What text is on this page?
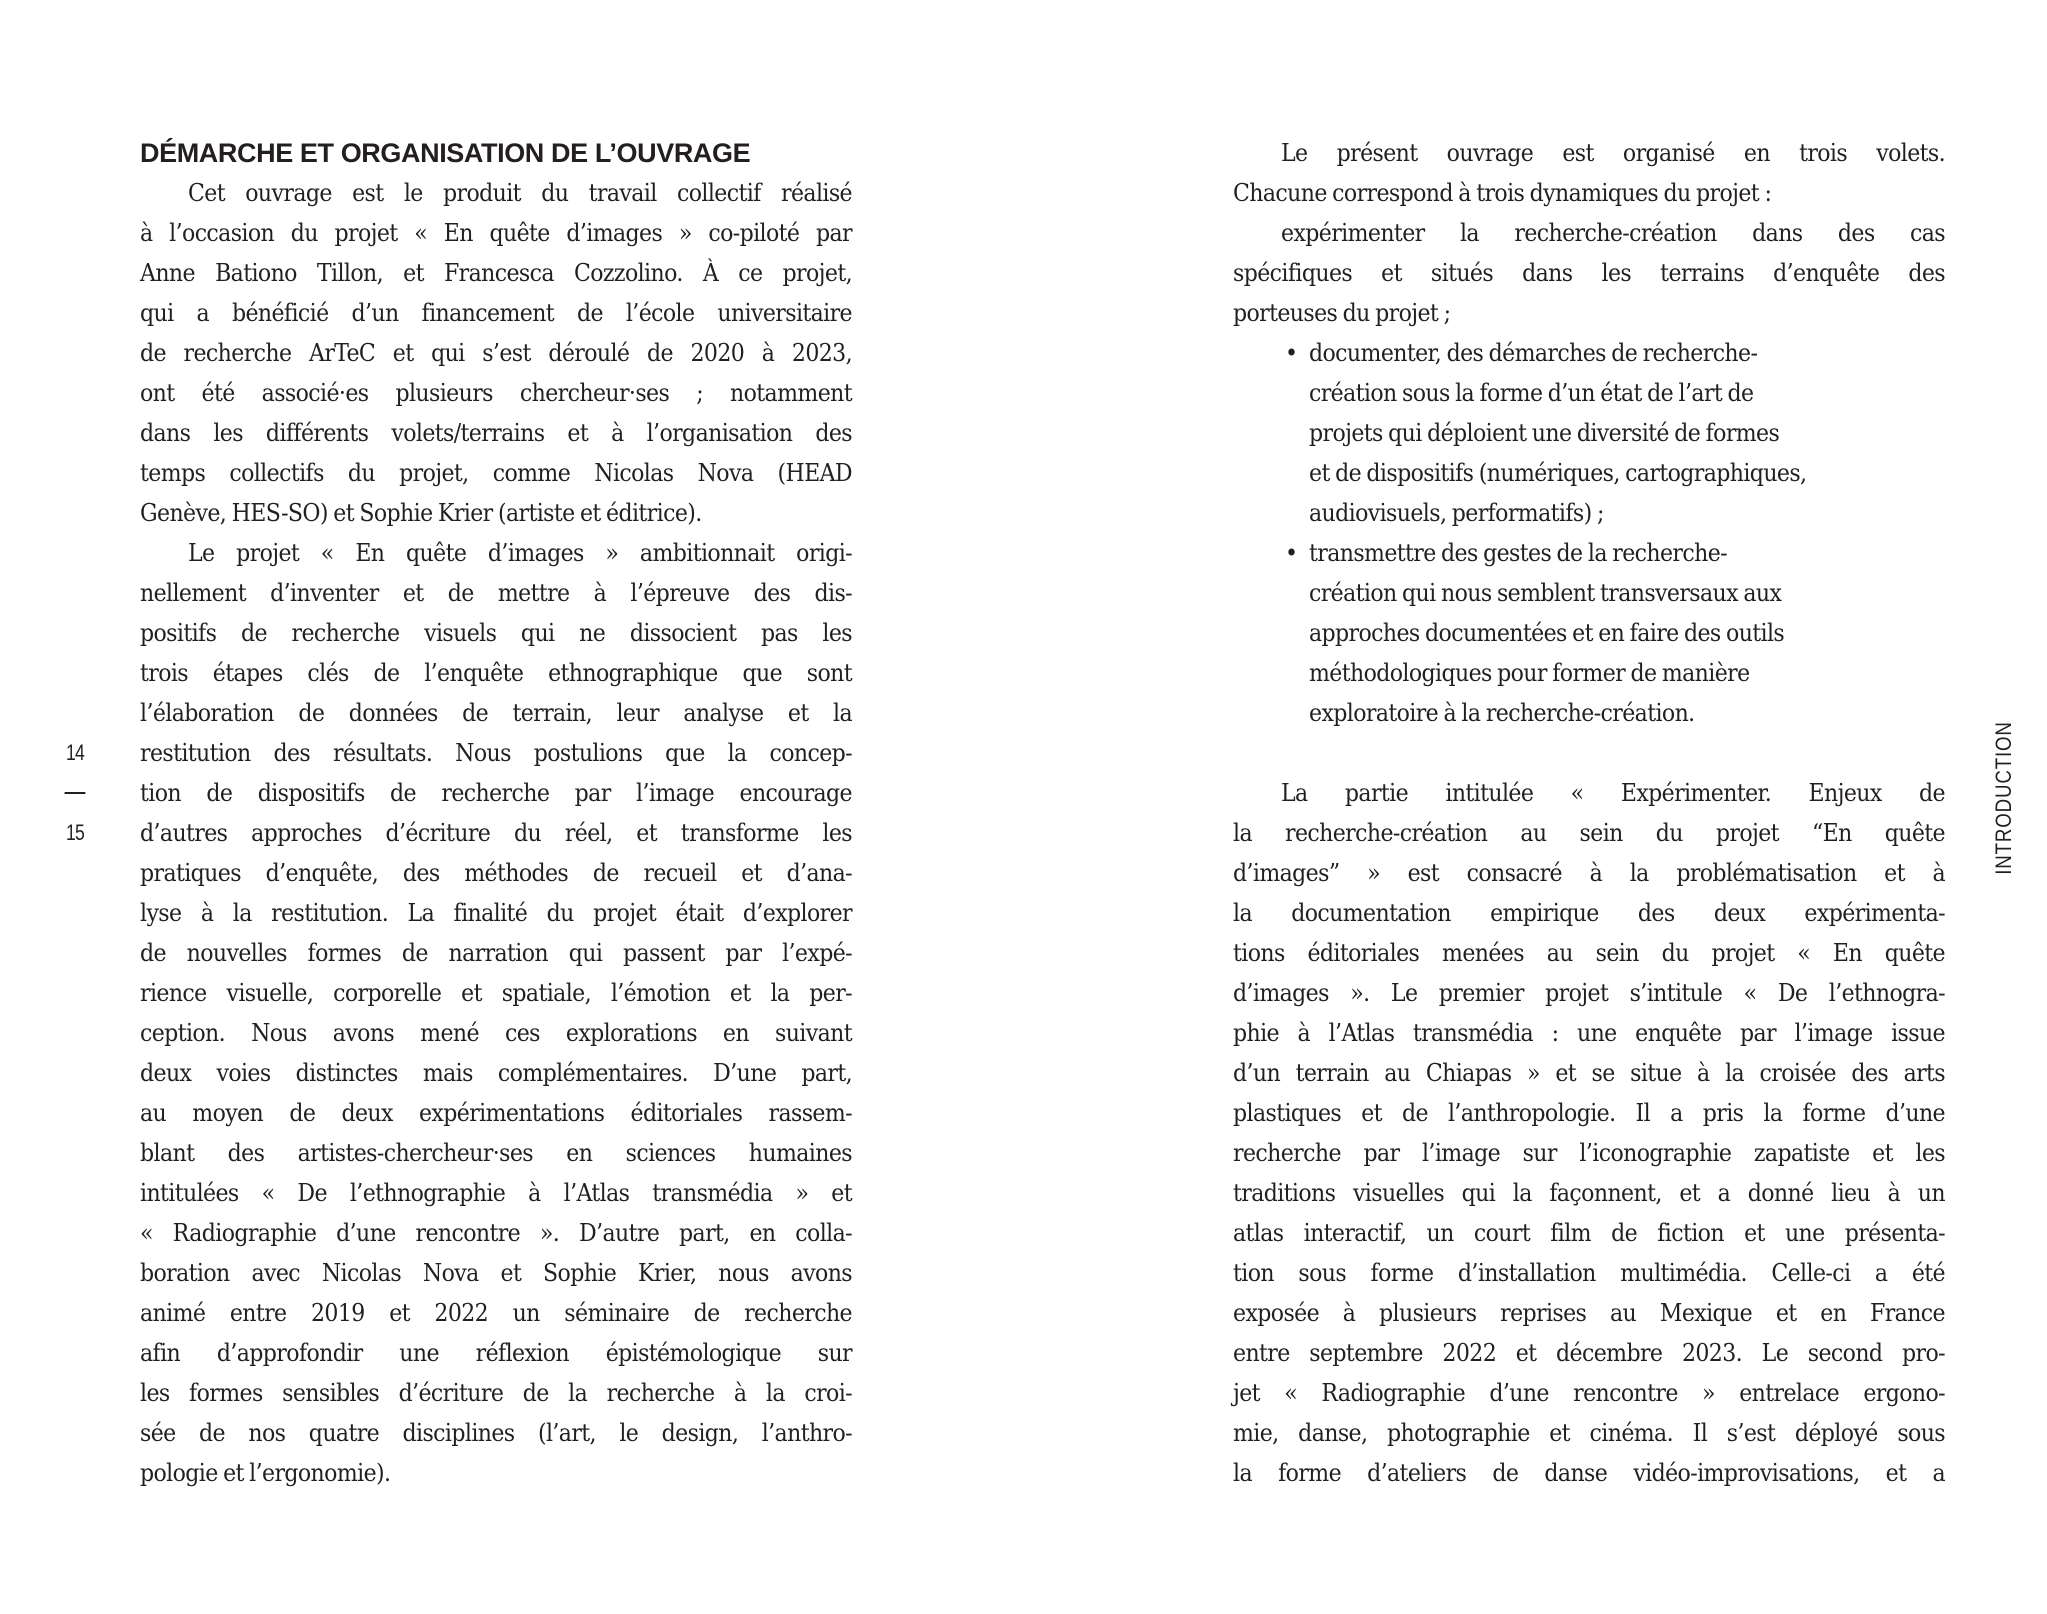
14
15
DÉMARCHE ET ORGANISATION DE L’OUVRAGE
Cet ouvrage est le produit du travail collectif réalisé
à l’occasion du projet « En quête d’images » co-piloté par
Anne Bationo Tillon, et Francesca Cozzolino. À ce projet,
qui a bénéficié d’un financement de l’école universitaire
de recherche ArTeC et qui s’est déroulé de 2020 à 2023,
ont été associé·es plusieurs chercheur·ses ; notamment
dans les différents volets/terrains et à l’organisation des
temps collectifs du projet, comme Nicolas Nova (HEAD
Genève, HES-SO) et Sophie Krier (artiste et éditrice).
Le projet « En quête d’images » ambitionnait origi-
nellement d’inventer et de mettre à l’épreuve des dis-
positifs de recherche visuels qui ne dissocient pas les
trois étapes clés de l’enquête ethnographique que sont
l’élaboration de données de terrain, leur analyse et la
restitution des résultats. Nous postulions que la concep-
tion de dispositifs de recherche par l’image encourage
d’autres approches d’écriture du réel, et transforme les
pratiques d’enquête, des méthodes de recueil et d’ana-
lyse à la restitution. La finalité du projet était d’explorer
de nouvelles formes de narration qui passent par l’expé-
rience visuelle, corporelle et spatiale, l’émotion et la per-
ception. Nous avons mené ces explorations en suivant
deux voies distinctes mais complémentaires. D’une part,
au moyen de deux expérimentations éditoriales rassem-
blant des artistes-chercheur·ses en sciences humaines
intitulées « De l’ethnographie à l’Atlas transmédia » et
« Radiographie d’une rencontre ». D’autre part, en colla-
boration avec Nicolas Nova et Sophie Krier, nous avons
animé entre 2019 et 2022 un séminaire de recherche
afin d’approfondir une réflexion épistémologique sur
les formes sensibles d’écriture de la recherche à la croi-
sée de nos quatre disciplines (l’art, le design, l’anthro-
pologie et l’ergonomie).
Le présent ouvrage est organisé en trois volets.
Chacune correspond à trois dynamiques du projet :
expérimenter la recherche-création dans des cas
spécifiques et situés dans les terrains d’enquête des
porteuses du projet ;
• documenter, des démarches de recherche-
création sous la forme d’un état de l’art de
projets qui déploient une diversité de formes
et de dispositifs (numériques, cartographiques,
audiovisuels, performatifs) ;
• transmettre des gestes de la recherche-
création qui nous semblent transversaux aux
approches documentées et en faire des outils
méthodologiques pour former de manière
exploratoire à la recherche-création.
La partie intitulée « Expérimenter. Enjeux de
la recherche-création au sein du projet “En quête
d’images” » est consacré à la problématisation et à
la documentation empirique des deux expérimenta-
tions éditoriales menées au sein du projet « En quête
d’images ». Le premier projet s’intitule « De l’ethnogra-
phie à l’Atlas transmédia : une enquête par l’image issue
d’un terrain au Chiapas » et se situe à la croisée des arts
plastiques et de l’anthropologie. Il a pris la forme d’une
recherche par l’image sur l’iconographie zapatiste et les
traditions visuelles qui la façonnent, et a donné lieu à un
atlas interactif, un court film de fiction et une présenta-
tion sous forme d’installation multimédia. Celle-ci a été
exposée à plusieurs reprises au Mexique et en France
entre septembre 2022 et décembre 2023. Le second pro-
jet « Radiographie d’une rencontre » entrelace ergono-
mie, danse, photographie et cinéma. Il s’est déployé sous
la forme d’ateliers de danse vidéo-improvisations, et a
INTRODUCTION
